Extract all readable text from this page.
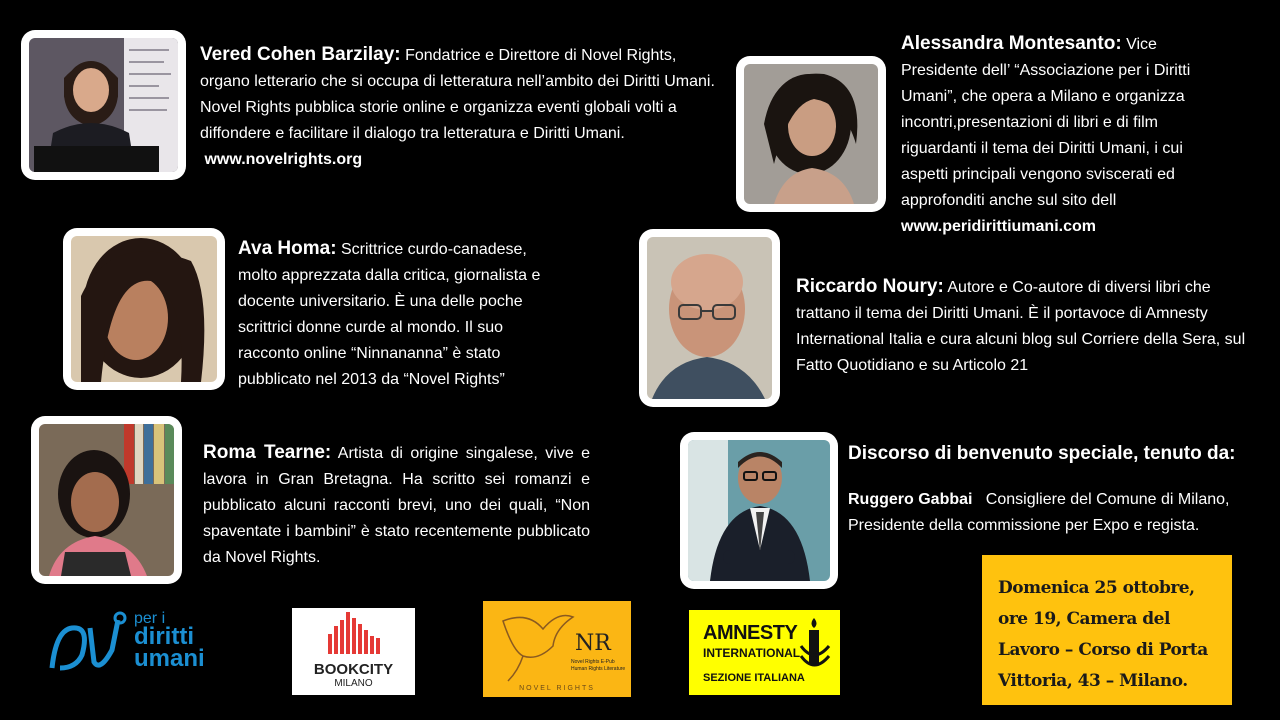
Vered Cohen Barzilay: Fondatrice e Direttore di Novel Rights, organo letterario che si occupa di letteratura nell’ambito dei Diritti Umani. Novel Rights pubblica storie online e organizza eventi globali volti a diffondere e facilitare il dialogo tra letteratura e Diritti Umani.  www.novelrights.org
Alessandra Montesanto: Vice Presidente dell’ “Associazione per i Diritti Umani”, che opera a Milano e organizza incontri,presentazioni di libri e di film riguardanti il tema dei Diritti Umani, i cui aspetti principali vengono sviscerati ed approfonditi anche sul sito dell www.peridirittiumani.com
Ava Homa: Scrittrice curdo-canadese, molto apprezzata dalla critica, giornalista e docente universitario. È una delle poche scrittrici donne curde al mondo. Il suo racconto online “Ninnananna” è stato pubblicato nel 2013 da “Novel Rights”
Riccardo Noury: Autore e Co-autore di diversi libri che trattano il tema dei Diritti Umani. È il portavoce di Amnesty International Italia e cura alcuni blog sul Corriere della Sera, sul Fatto Quotidiano e su Articolo 21
Roma Tearne: Artista di origine singalese, vive e lavora in Gran Bretagna. Ha scritto sei romanzi e pubblicato alcuni racconti brevi, uno dei quali, “Non spaventate i bambini” è stato recentemente pubblicato da Novel Rights.
Discorso di benvenuto speciale, tenuto da:
Ruggero Gabbai Consigliere del Comune di Milano, Presidente della commissione per Expo e regista.
Domenica 25 ottobre,
ore 19, Camera del
Lavoro – Corso di Porta
Vittoria, 43 – Milano.
per i
diritti
umani	BOOKCITY
MILANO
NR
Novel Rights E-Pub
Human Rights Literature
NOVEL RIGHTS
AMNESTY
INTERNATIONAL
SEZIONE ITALIANA
